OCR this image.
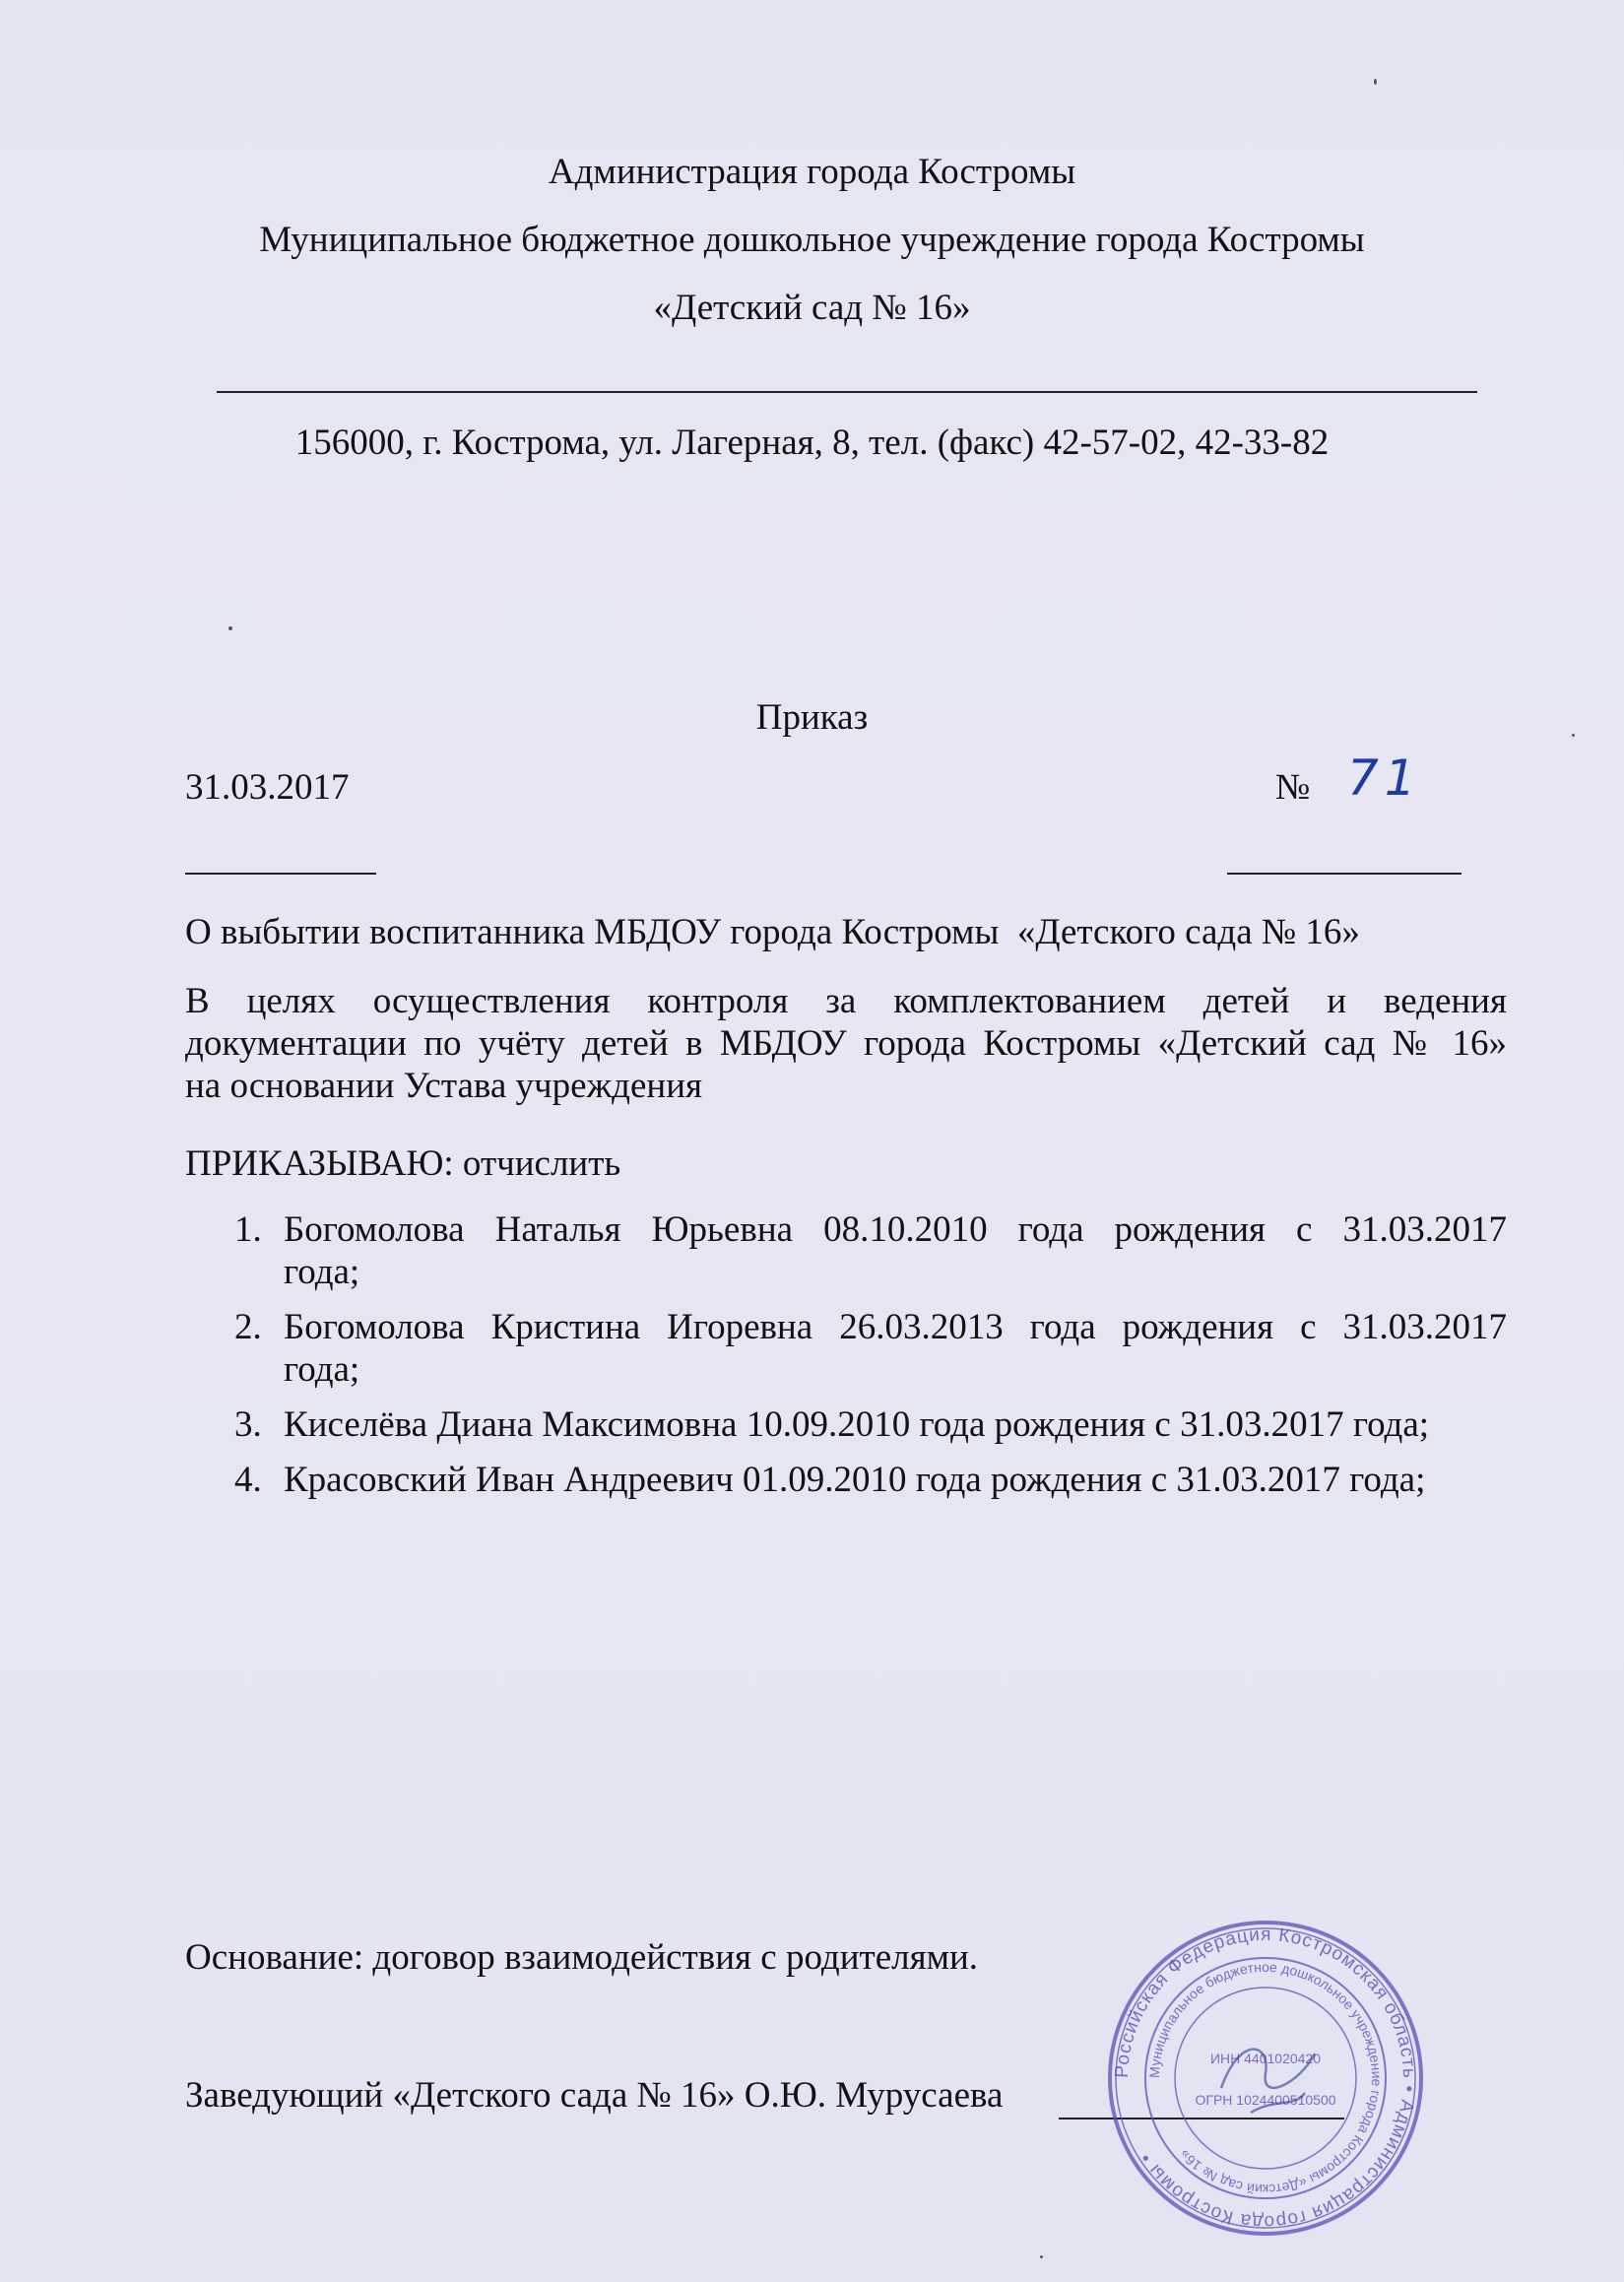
Администрация города Костромы
Муниципальное бюджетное дошкольное учреждение города Костромы
«Детский сад № 16»
156000, г. Кострома, ул. Лагерная, 8, тел. (факс) 42-57-02, 42-33-82
Приказ
31.03.2017	№ 71
О выбытии воспитанника МБДОУ города Костромы  «Детского сада № 16»
В целях осуществления контроля за комплектованием детей и ведения
документации по учёту детей в МБДОУ города Костромы «Детский сад № 16»
на основании Устава учреждения
ПРИКАЗЫВАЮ: отчислить
1. Богомолова Наталья Юрьевна 08.10.2010 года рождения с 31.03.2017
года;
2. Богомолова Кристина Игоревна 26.03.2013 года рождения с 31.03.2017
года;
3. Киселёва Диана Максимовна 10.09.2010 года рождения с 31.03.2017 года;
4. Красовский Иван Андреевич 01.09.2010 года рождения с 31.03.2017 года;
Основание: договор взаимодействия с родителями.
Заведующий «Детского сада № 16» О.Ю. Мурусаева
Российская Федерация Костромская область • Администрация города Костромы •
Муниципальное бюджетное дошкольное учреждение города Костромы «Детский сад № 16»
ИНН 4401020420
ОГРН 1024400510500
